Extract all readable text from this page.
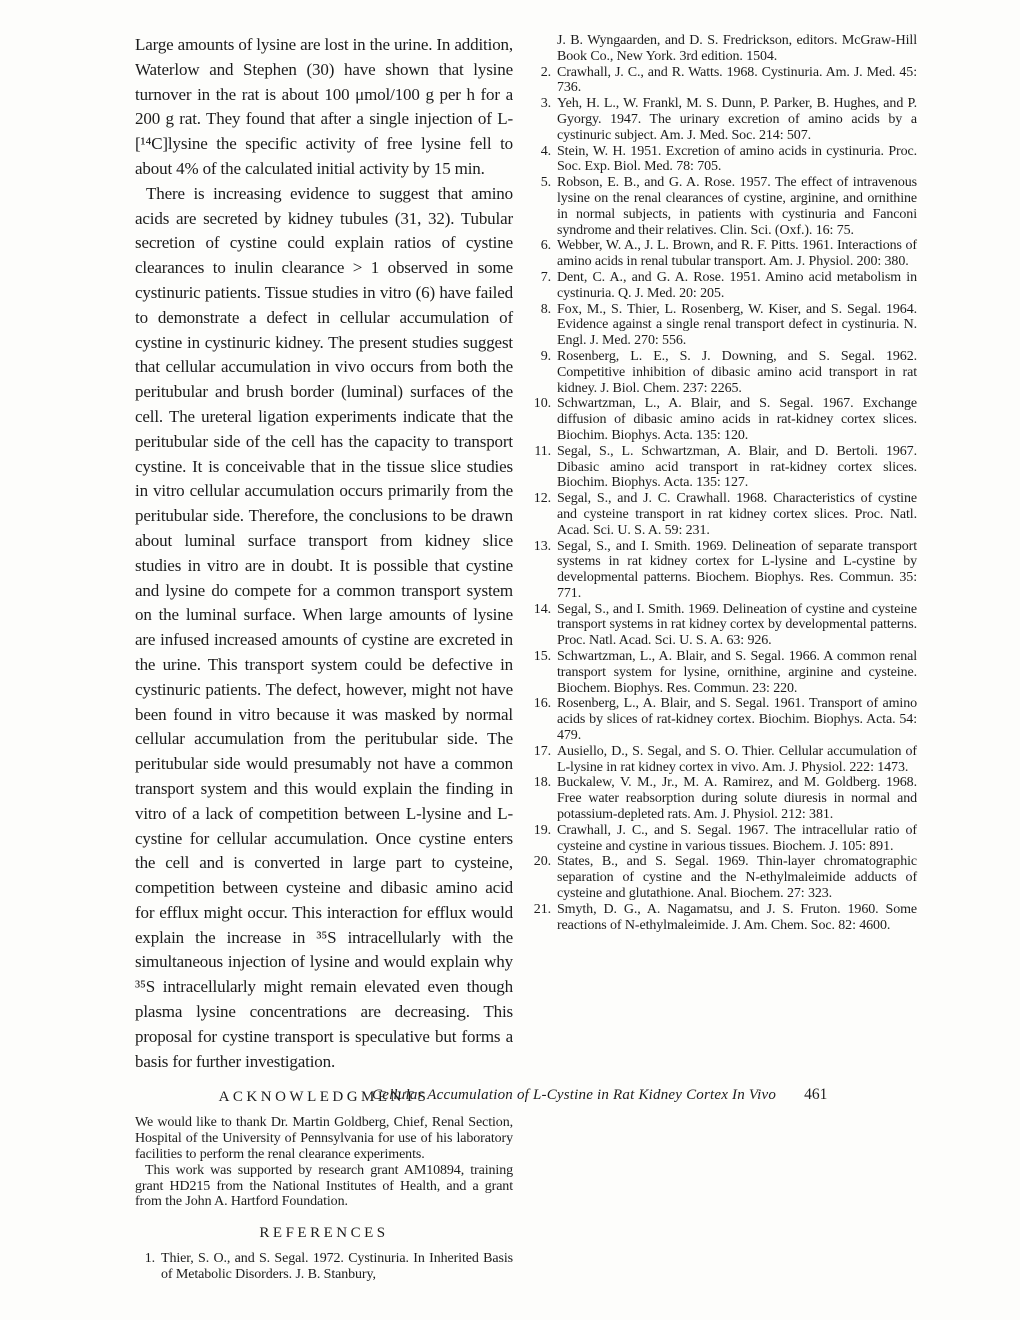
Large amounts of lysine are lost in the urine. In addition, Waterlow and Stephen (30) have shown that lysine turnover in the rat is about 100 μmol/100 g per h for a 200 g rat. They found that after a single injection of L-[¹⁴C]lysine the specific activity of free lysine fell to about 4% of the calculated initial activity by 15 min.

There is increasing evidence to suggest that amino acids are secreted by kidney tubules (31, 32). Tubular secretion of cystine could explain ratios of cystine clearances to inulin clearance > 1 observed in some cystinuric patients. Tissue studies in vitro (6) have failed to demonstrate a defect in cellular accumulation of cystine in cystinuric kidney. The present studies suggest that cellular accumulation in vivo occurs from both the peritubular and brush border (luminal) surfaces of the cell. The ureteral ligation experiments indicate that the peritubular side of the cell has the capacity to transport cystine. It is conceivable that in the tissue slice studies in vitro cellular accumulation occurs primarily from the peritubular side. Therefore, the conclusions to be drawn about luminal surface transport from kidney slice studies in vitro are in doubt. It is possible that cystine and lysine do compete for a common transport system on the luminal surface. When large amounts of lysine are infused increased amounts of cystine are excreted in the urine. This transport system could be defective in cystinuric patients. The defect, however, might not have been found in vitro because it was masked by normal cellular accumulation from the peritubular side. The peritubular side would presumably not have a common transport system and this would explain the finding in vitro of a lack of competition between L-lysine and L-cystine for cellular accumulation. Once cystine enters the cell and is converted in large part to cysteine, competition between cysteine and dibasic amino acid for efflux might occur. This interaction for efflux would explain the increase in ³⁵S intracellularly with the simultaneous injection of lysine and would explain why ³⁵S intracellularly might remain elevated even though plasma lysine concentrations are decreasing. This proposal for cystine transport is speculative but forms a basis for further investigation.

ACKNOWLEDGMENTS

We would like to thank Dr. Martin Goldberg, Chief, Renal Section, Hospital of the University of Pennsylvania for use of his laboratory facilities to perform the renal clearance experiments.

This work was supported by research grant AM10894, training grant HD215 from the National Institutes of Health, and a grant from the John A. Hartford Foundation.

REFERENCES
1. Thier, S. O., and S. Segal. 1972. Cystinuria. In Inherited Basis of Metabolic Disorders. J. B. Stanbury,

J. B. Wyngaarden, and D. S. Fredrickson, editors. McGraw-Hill Book Co., New York. 3rd edition. 1504.

2. Crawhall, J. C., and R. Watts. 1968. Cystinuria. Am. J. Med. 45: 736.
3. Yeh, H. L., W. Frankl, M. S. Dunn, P. Parker, B. Hughes, and P. Gyorgy. 1947. The urinary excretion of amino acids by a cystinuric subject. Am. J. Med. Soc. 214: 507.
4. Stein, W. H. 1951. Excretion of amino acids in cystinuria. Proc. Soc. Exp. Biol. Med. 78: 705.
5. Robson, E. B., and G. A. Rose. 1957. The effect of intravenous lysine on the renal clearances of cystine, arginine, and ornithine in normal subjects, in patients with cystinuria and Fanconi syndrome and their relatives. Clin. Sci. (Oxf.). 16: 75.
6. Webber, W. A., J. L. Brown, and R. F. Pitts. 1961. Interactions of amino acids in renal tubular transport. Am. J. Physiol. 200: 380.
7. Dent, C. A., and G. A. Rose. 1951. Amino acid metabolism in cystinuria. Q. J. Med. 20: 205.
8. Fox, M., S. Thier, L. Rosenberg, W. Kiser, and S. Segal. 1964. Evidence against a single renal transport defect in cystinuria. N. Engl. J. Med. 270: 556.
9. Rosenberg, L. E., S. J. Downing, and S. Segal. 1962. Competitive inhibition of dibasic amino acid transport in rat kidney. J. Biol. Chem. 237: 2265.
10. Schwartzman, L., A. Blair, and S. Segal. 1967. Exchange diffusion of dibasic amino acids in rat-kidney cortex slices. Biochim. Biophys. Acta. 135: 120.
11. Segal, S., L. Schwartzman, A. Blair, and D. Bertoli. 1967. Dibasic amino acid transport in rat-kidney cortex slices. Biochim. Biophys. Acta. 135: 127.
12. Segal, S., and J. C. Crawhall. 1968. Characteristics of cystine and cysteine transport in rat kidney cortex slices. Proc. Natl. Acad. Sci. U. S. A. 59: 231.
13. Segal, S., and I. Smith. 1969. Delineation of separate transport systems in rat kidney cortex for L-lysine and L-cystine by developmental patterns. Biochem. Biophys. Res. Commun. 35: 771.
14. Segal, S., and I. Smith. 1969. Delineation of cystine and cysteine transport systems in rat kidney cortex by developmental patterns. Proc. Natl. Acad. Sci. U. S. A. 63: 926.
15. Schwartzman, L., A. Blair, and S. Segal. 1966. A common renal transport system for lysine, ornithine, arginine and cysteine. Biochem. Biophys. Res. Commun. 23: 220.
16. Rosenberg, L., A. Blair, and S. Segal. 1961. Transport of amino acids by slices of rat-kidney cortex. Biochim. Biophys. Acta. 54: 479.
17. Ausiello, D., S. Segal, and S. O. Thier. Cellular accumulation of L-lysine in rat kidney cortex in vivo. Am. J. Physiol. 222: 1473.
18. Buckalew, V. M., Jr., M. A. Ramirez, and M. Goldberg. 1968. Free water reabsorption during solute diuresis in normal and potassium-depleted rats. Am. J. Physiol. 212: 381.
19. Crawhall, J. C., and S. Segal. 1967. The intracellular ratio of cysteine and cystine in various tissues. Biochem. J. 105: 891.
20. States, B., and S. Segal. 1969. Thin-layer chromatographic separation of cystine and the N-ethylmaleimide adducts of cysteine and glutathione. Anal. Biochem. 27: 323.
21. Smyth, D. G., A. Nagamatsu, and J. S. Fruton. 1960. Some reactions of N-ethylmaleimide. J. Am. Chem. Soc. 82: 4600.
Cellular Accumulation of L-Cystine in Rat Kidney Cortex In Vivo 461
